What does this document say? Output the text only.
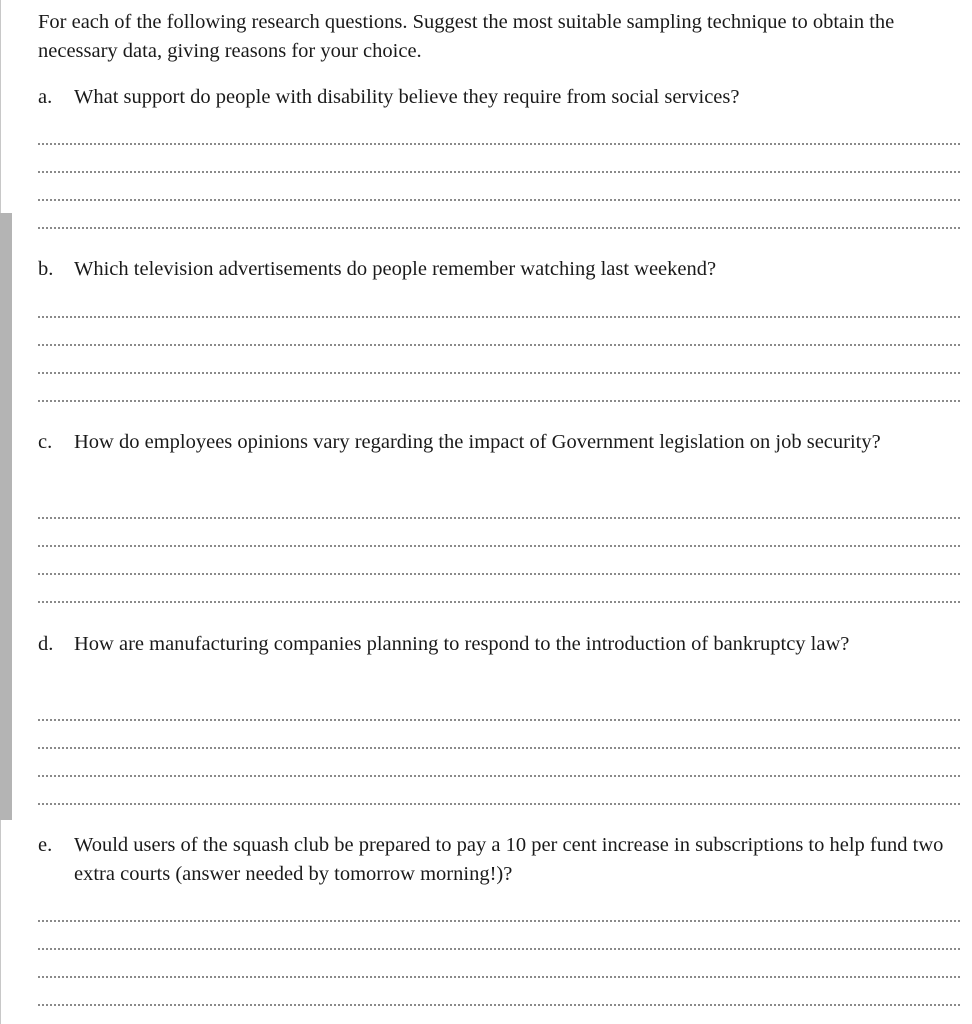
For each of the following research questions. Suggest the most suitable sampling technique to obtain the necessary data, giving reasons for your choice.

a. What support do people with disability believe they require from social services?
b. Which television advertisements do people remember watching last weekend?
c. How do employees opinions vary regarding the impact of Government legislation on job security?
d. How are manufacturing companies planning to respond to the introduction of bankruptcy law?
e. Would users of the squash club be prepared to pay a 10 per cent increase in subscriptions to help fund two extra courts (answer needed by tomorrow morning!)?
